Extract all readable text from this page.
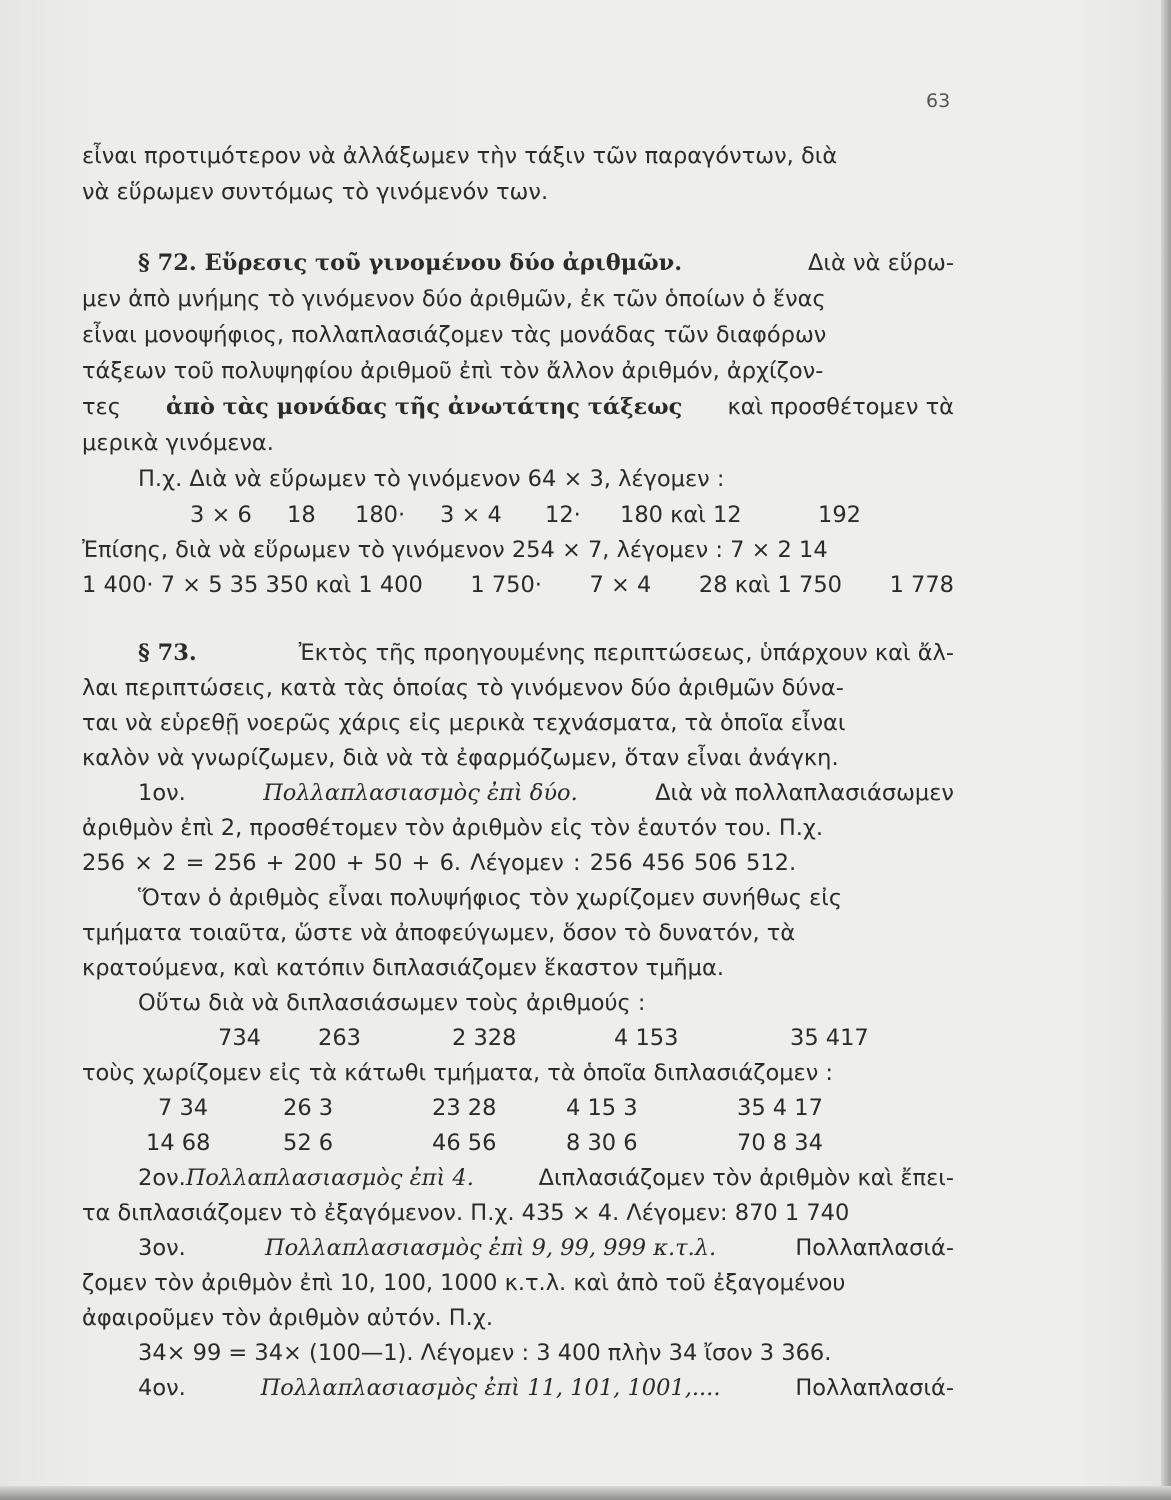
63
εἶναι προτιμότερον νὰ ἀλλάξωμεν τὴν τάξιν τῶν παραγόντων, διὰ
νὰ εὕρωμεν συντόμως τὸ γινόμενόν των.
§ 72. Εὕρεσις τοῦ γινομένου δύο ἀριθμῶν.	Διὰ νὰ εὕρω-
μεν ἀπὸ μνήμης τὸ γινόμενον δύο ἀριθμῶν, ἐκ τῶν ὁποίων ὁ ἕνας
εἶναι μονοψήφιος, πολλαπλασιάζομεν τὰς μονάδας τῶν διαφόρων
τάξεων τοῦ πολυψηφίου ἀριθμοῦ ἐπὶ τὸν ἄλλον ἀριθμόν, ἀρχίζον-
τες ἀπὸ τὰς μονάδας τῆς ἀνωτάτης τάξεως καὶ προσθέτομεν τὰ
μερικὰ γινόμενα.
Π.χ. Διὰ νὰ εὕρωμεν τὸ γινόμενον 64 × 3, λέγομεν :
3 × 6 18 180· 3 × 4 12· 180 καὶ 12	192
Ἐπίσης, διὰ νὰ εὕρωμεν τὸ γινόμενον 254 × 7, λέγομεν : 7 × 2 14
1 400· 7 × 5 35 350 καὶ 1 400 1 750· 7 × 4 28 καὶ 1 750 1 778
§ 73.	Ἐκτὸς τῆς προηγουμένης περιπτώσεως, ὑπάρχουν καὶ ἄλ-
λαι περιπτώσεις, κατὰ τὰς ὁποίας τὸ γινόμενον δύο ἀριθμῶν δύνα-
ται νὰ εὑρεθῇ νοερῶς χάρις εἰς μερικὰ τεχνάσματα, τὰ ὁποῖα εἶναι
καλὸν νὰ γνωρίζωμεν, διὰ νὰ τὰ ἐφαρμόζωμεν, ὅταν εἶναι ἀνάγκη.
1ον.	Πολλαπλασιασμὸς ἐπὶ δύο.	Διὰ νὰ πολλαπλασιάσωμεν
ἀριθμὸν ἐπὶ 2, προσθέτομεν τὸν ἀριθμὸν εἰς τὸν ἑαυτόν του. Π.χ.
256 × 2 = 256 + 200 + 50 + 6. Λέγομεν : 256 456 506 512.
Ὅταν ὁ ἀριθμὸς εἶναι πολυψήφιος τὸν χωρίζομεν συνήθως εἰς
τμήματα τοιαῦτα, ὥστε νὰ ἀποφεύγωμεν, ὅσον τὸ δυνατόν, τὰ
κρατούμενα, καὶ κατόπιν διπλασιάζομεν ἕκαστον τμῆμα.
Οὕτω διὰ νὰ διπλασιάσωμεν τοὺς ἀριθμούς :
734	263	2 328	4 153	35 417
τοὺς χωρίζομεν εἰς τὰ κάτωθι τμήματα, τὰ ὁποῖα διπλασιάζομεν :
7 34	26 3	23 28	4 15 3	35 4 17
14 68	52 6	46 56	8 30 6	70 8 34
2ον.Πολλαπλασιασμὸς ἐπὶ 4.	Διπλασιάζομεν τὸν ἀριθμὸν καὶ ἔπει-
τα διπλασιάζομεν τὸ ἐξαγόμενον. Π.χ. 435 × 4. Λέγομεν: 870 1 740
3ον.	Πολλαπλασιασμὸς ἐπὶ 9, 99, 999 κ.τ.λ.	Πολλαπλασιά-
ζομεν τὸν ἀριθμὸν ἐπὶ 10, 100, 1000 κ.τ.λ. καὶ ἀπὸ τοῦ ἐξαγομένου
ἀφαιροῦμεν τὸν ἀριθμὸν αὐτόν. Π.χ.
34× 99 = 34× (100—1). Λέγομεν : 3 400 πλὴν 34 ἴσον 3 366.
4ον.	Πολλαπλασιασμὸς ἐπὶ 11, 101, 1001,....	Πολλαπλασιά-
